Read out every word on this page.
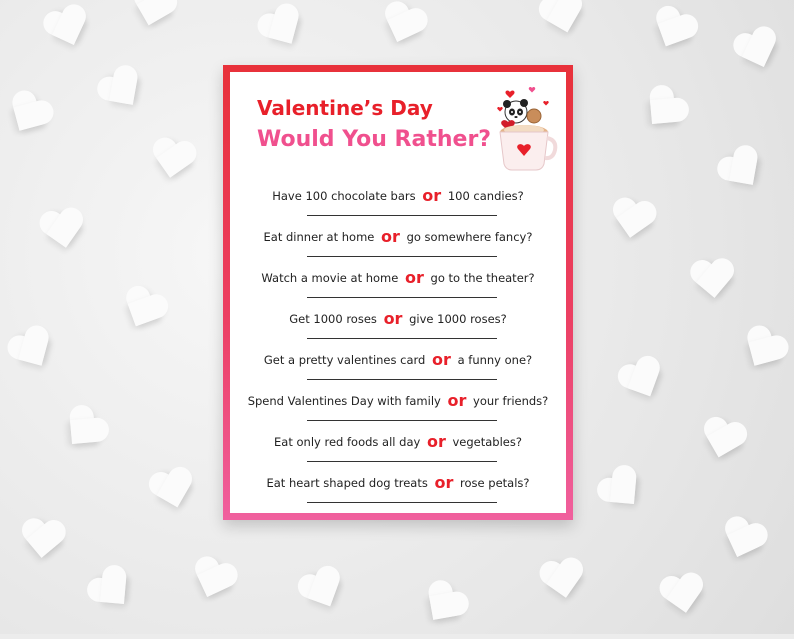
Valentine’s Day
Would You Rather?
Have 100 chocolate bars or 100 candies?
Eat dinner at home or go somewhere fancy?
Watch a movie at home or go to the theater?
Get 1000 roses or give 1000 roses?
Get a pretty valentines card or a funny one?
Spend Valentines Day with family or your friends?
Eat only red foods all day or vegetables?
Eat heart shaped dog treats or rose petals?
